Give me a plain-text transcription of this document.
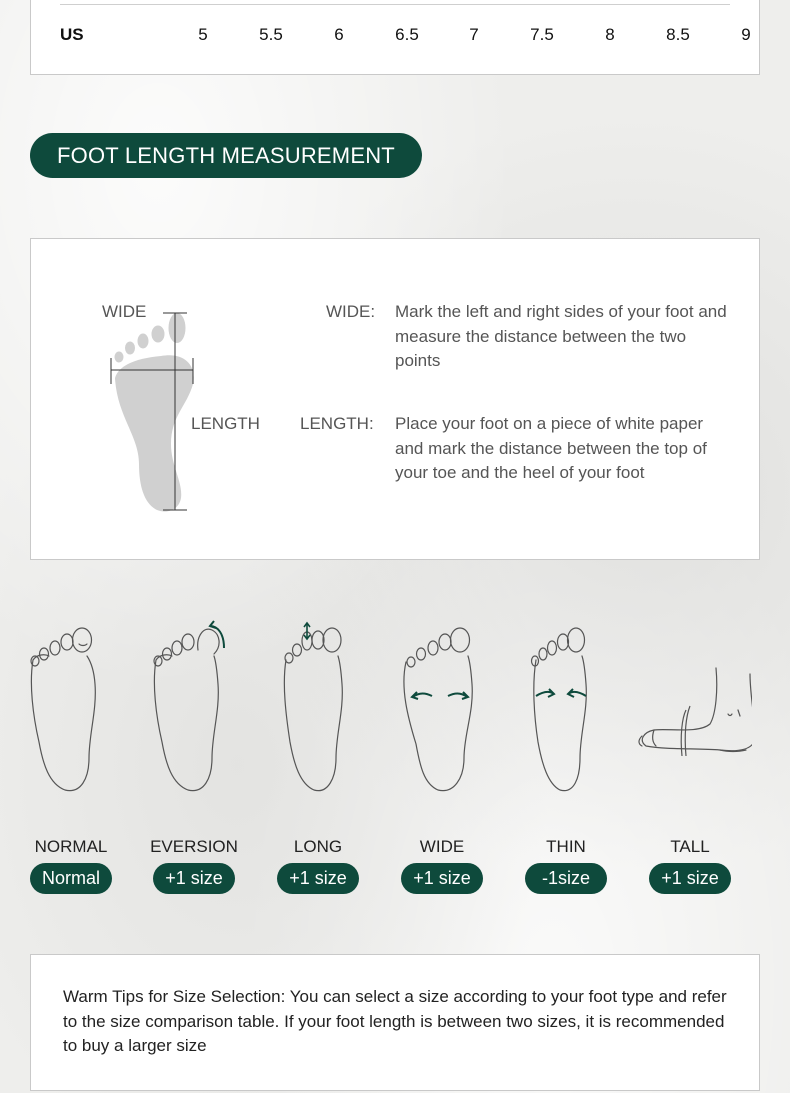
US	5	5.5	6	6.5	7	7.5	8	8.5	9
FOOT LENGTH MEASUREMENT
WIDE
LENGTH
WIDE: Mark the left and right sides of your foot and measure the distance between the two points
LENGTH: Place your foot on a piece of white paper and mark the distance between the top of your toe and the heel of your foot
NORMAL
Normal
EVERSION
+1 size
LONG
+1 size
WIDE
+1 size
THIN
-1size
TALL
+1 size
Warm Tips for Size Selection: You can select a size according to your foot type and refer to the size comparison table. If your foot length is between two sizes, it is recommended to buy a larger size
